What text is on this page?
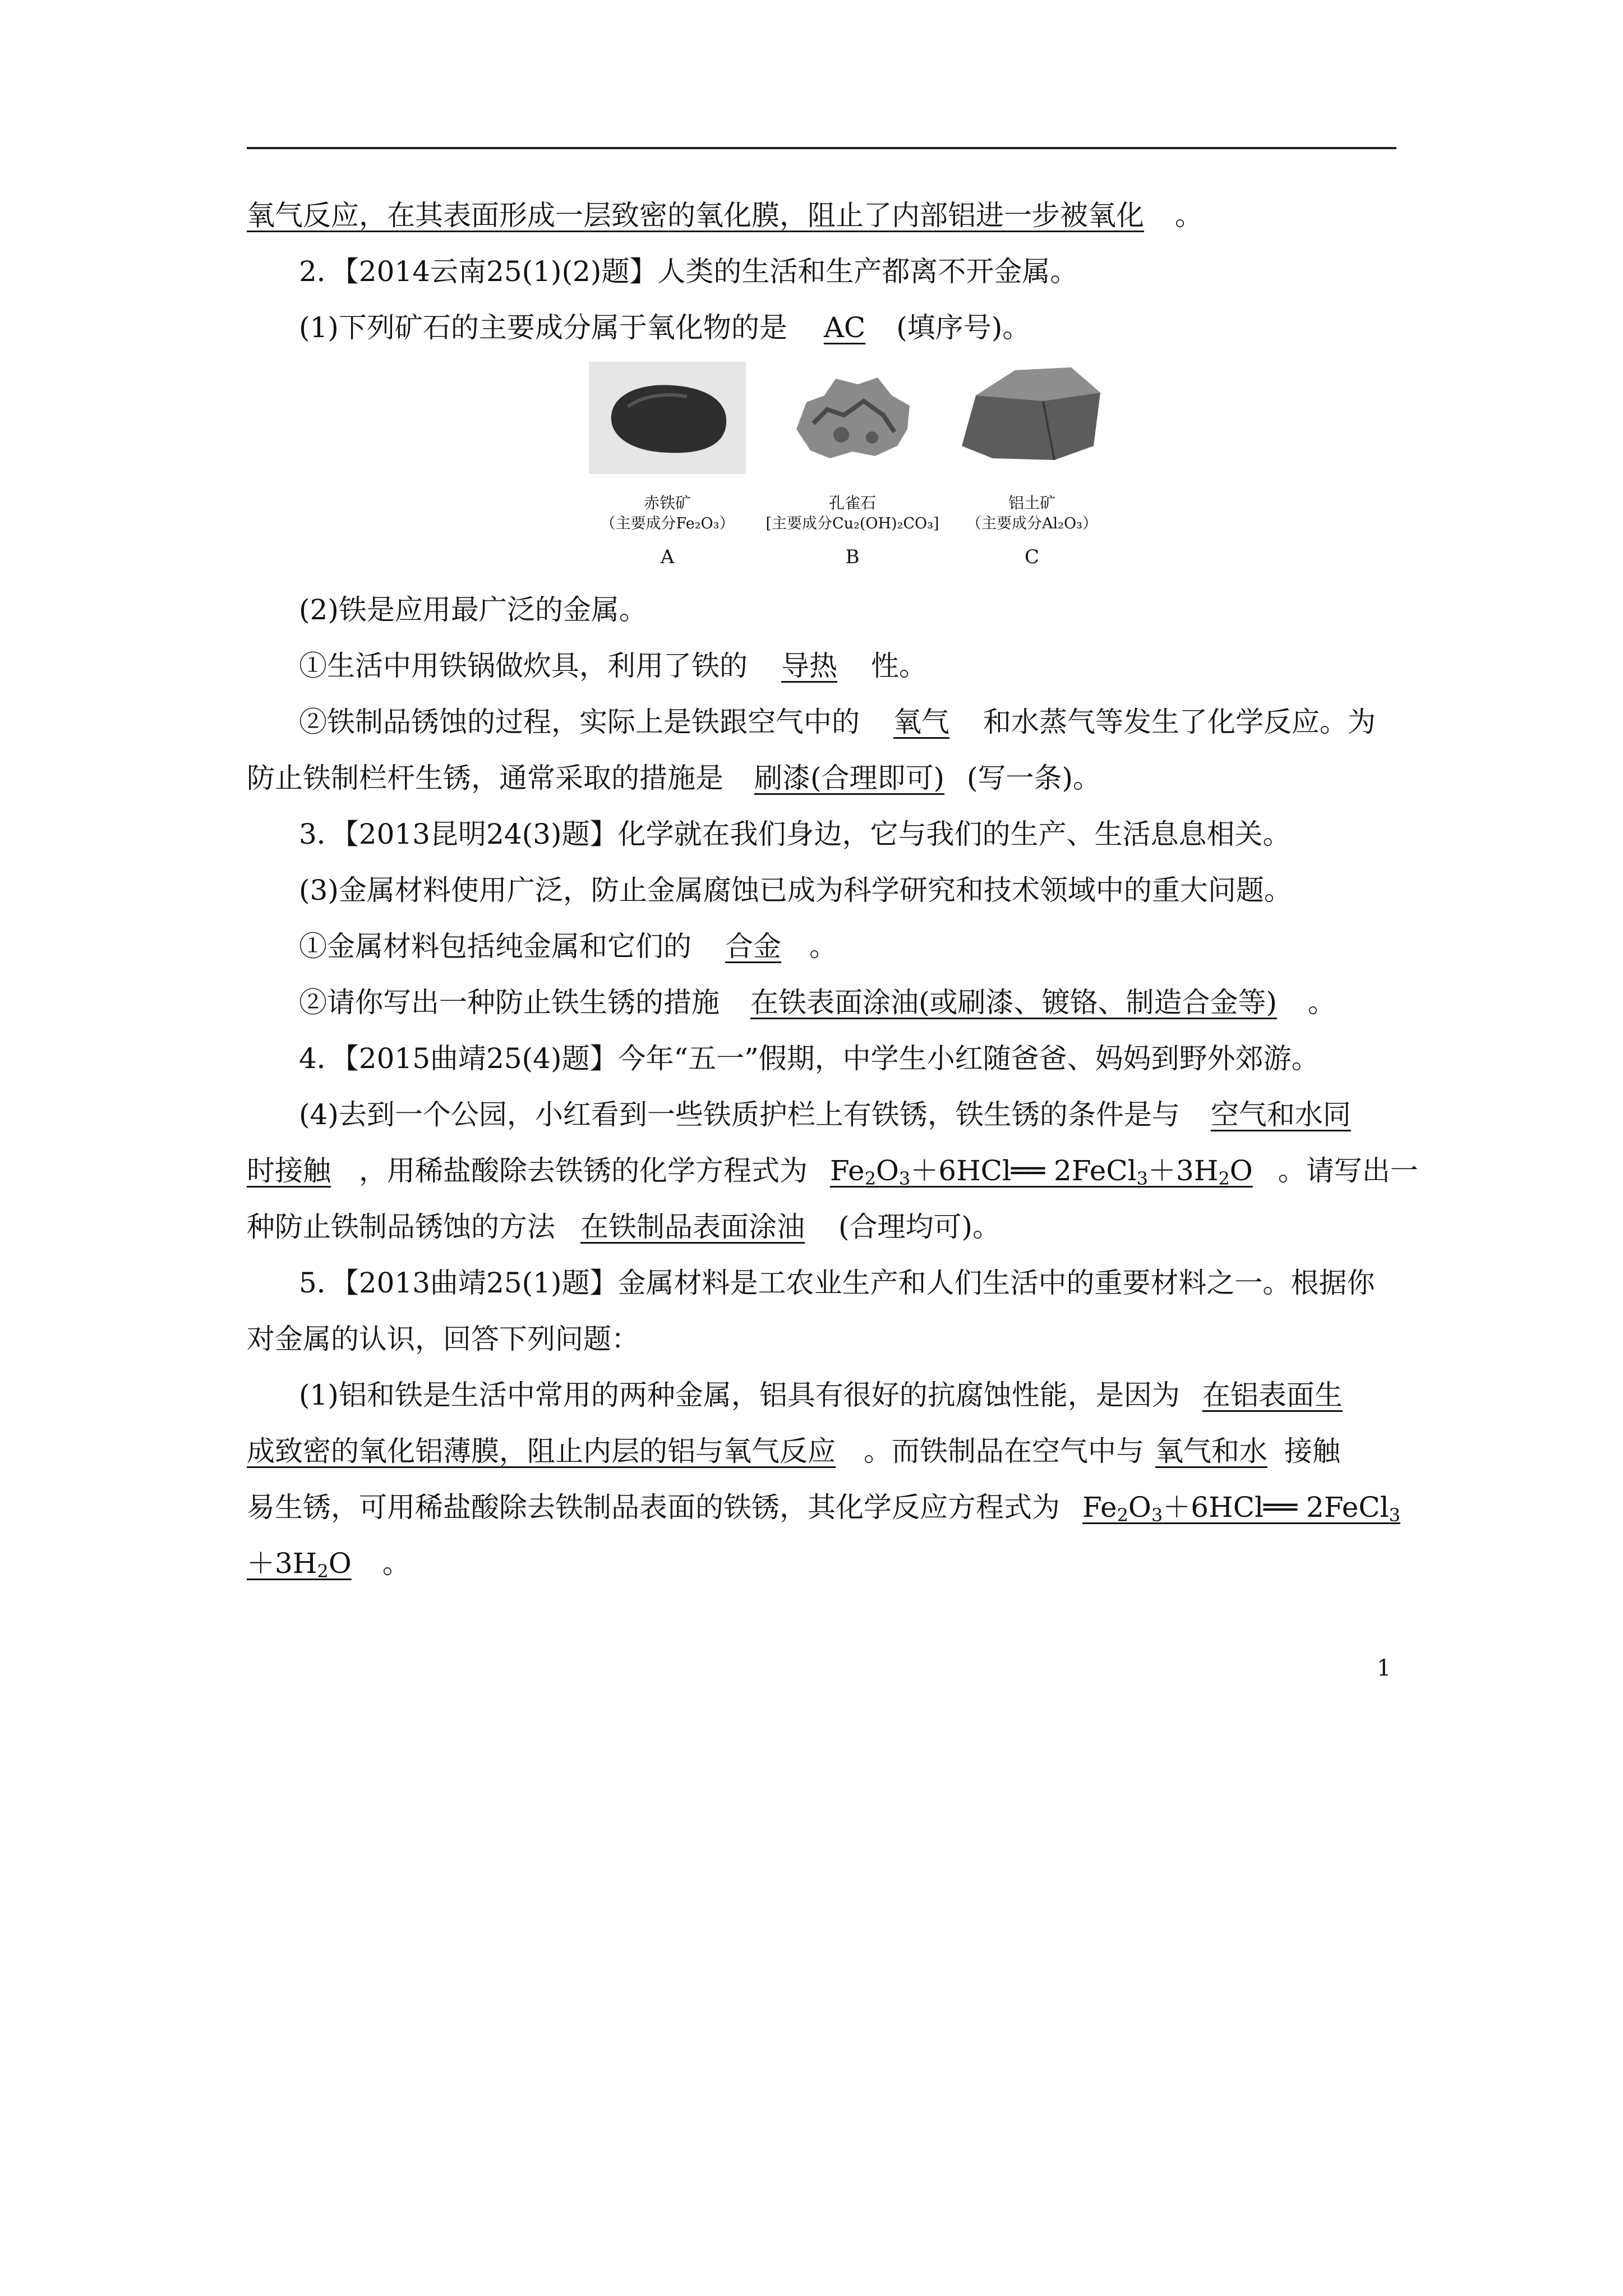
氧气反应，在其表面形成一层致密的氧化膜，阻止了内部铝进一步被氧化 。
2．【2014云南25(1)(2)题】人类的生活和生产都离不开金属。
(1)下列矿石的主要成分属于氧化物的是 AC (填序号)。
赤铁矿
（主要成分Fe₂O₃）
A
孔雀石
[主要成分Cu₂(OH)₂CO₃]
B
铝土矿
（主要成分Al₂O₃）
C
(2)铁是应用最广泛的金属。
①生活中用铁锅做炊具，利用了铁的 导热 性。
②铁制品锈蚀的过程，实际上是铁跟空气中的 氧气 和水蒸气等发生了化学反应。为
防止铁制栏杆生锈，通常采取的措施是 刷漆(合理即可) (写一条)。
3．【2013昆明24(3)题】化学就在我们身边，它与我们的生产、生活息息相关。
(3)金属材料使用广泛，防止金属腐蚀已成为科学研究和技术领域中的重大问题。
①金属材料包括纯金属和它们的 合金 。
②请你写出一种防止铁生锈的措施 在铁表面涂油(或刷漆、镀铬、制造合金等) 。
4．【2015曲靖25(4)题】今年“五一”假期，中学生小红随爸爸、妈妈到野外郊游。
(4)去到一个公园，小红看到一些铁质护栏上有铁锈，铁生锈的条件是与 空气和水同
时接触 ，用稀盐酸除去铁锈的化学方程式为 $Fe_2O_3+6HCl══$ $2FeCl_3+3H_2O$ 。请写出一
种防止铁制品锈蚀的方法 在铁制品表面涂油 (合理均可)。
5．【2013曲靖25(1)题】金属材料是工农业生产和人们生活中的重要材料之一。根据你
对金属的认识，回答下列问题：
(1)铝和铁是生活中常用的两种金属，铝具有很好的抗腐蚀性能，是因为 在铝表面生
成致密的氧化铝薄膜，阻止内层的铝与氧气反应 。而铁制品在空气中与 氧气和水 接触
易生锈，可用稀盐酸除去铁制品表面的铁锈，其化学反应方程式为 $Fe_2O_3+6HCl══$ 2FeCl$_3$
$+3H_2O$ 。
1
